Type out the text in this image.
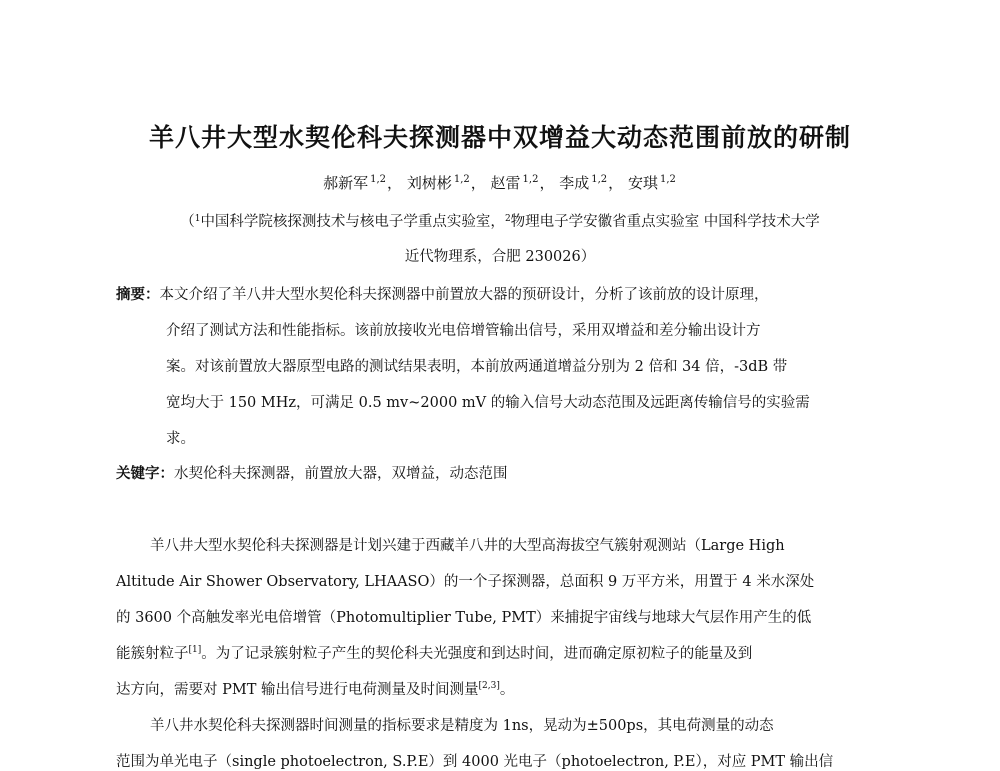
羊八井大型水契伦科夫探测器中双增益大动态范围前放的研制
郝新军 $^{1,2}$， 刘树彬 $^{1,2}$， 赵雷 $^{1,2}$， 李成 $^{1,2}$， 安琪 $^{1,2}$
（$^1$中国科学院核探测技术与核电子学重点实验室，$^2$物理电子学安徽省重点实验室 中国科学技术大学
近代物理系，合肥 230026）
摘要：本文介绍了羊八井大型水契伦科夫探测器中前置放大器的预研设计，分析了该前放的设计原理，
介绍了测试方法和性能指标。该前放接收光电倍增管输出信号，采用双增益和差分输出设计方
案。对该前置放大器原型电路的测试结果表明，本前放两通道增益分别为 2 倍和 34 倍，-3dB 带
宽均大于 150 MHz，可满足 0.5 mv~2000 mV 的输入信号大动态范围及远距离传输信号的实验需
求。
关键字：水契伦科夫探测器，前置放大器，双增益，动态范围
羊八井大型水契伦科夫探测器是计划兴建于西藏羊八井的大型高海拔空气簇射观测站（Large High
Altitude Air Shower Observatory, LHAASO）的一个子探测器，总面积 9 万平方米，用置于 4 米水深处
的 3600 个高触发率光电倍增管（Photomultiplier Tube, PMT）来捕捉宇宙线与地球大气层作用产生的低
能簇射粒子[1]。为了记录簇射粒子产生的契伦科夫光强度和到达时间，进而确定原初粒子的能量及到
达方向，需要对 PMT 输出信号进行电荷测量及时间测量[2,3]。
羊八井水契伦科夫探测器时间测量的指标要求是精度为 1ns，晃动为±500ps，其电荷测量的动态
范围为单光电子（single photoelectron, S.P.E）到 4000 光电子（photoelectron, P.E），对应 PMT 输出信
